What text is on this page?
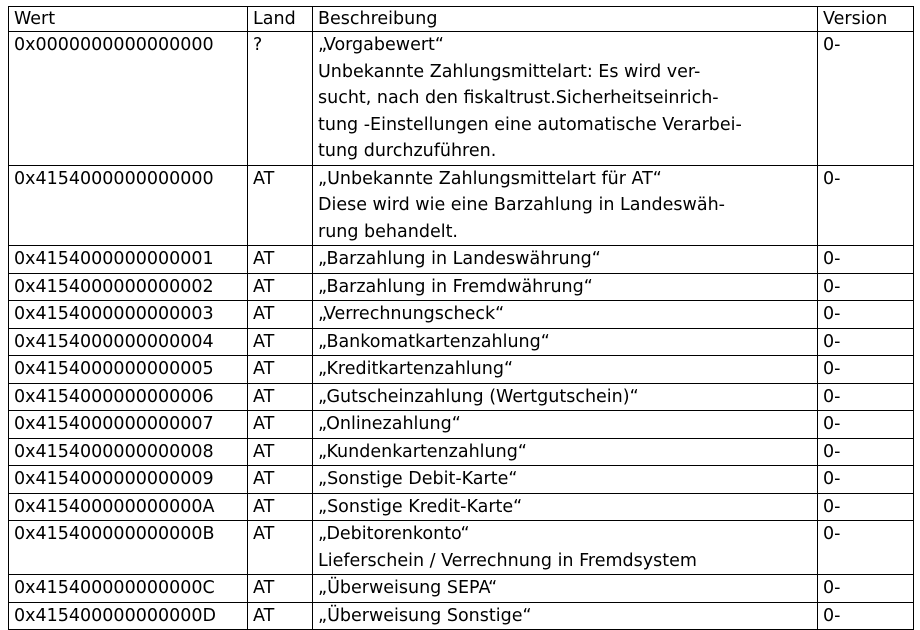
Wert	Land	Beschreibung	Version
0x0000000000000000	?	„Vorgabewert“
Unbekannte Zahlungsmittelart: Es wird ver-
sucht, nach den fiskaltrust.Sicherheitseinrich-
tung -Einstellungen eine automatische Verarbei-
tung durchzuführen.	0-
0x4154000000000000	AT	„Unbekannte Zahlungsmittelart für AT“
Diese wird wie eine Barzahlung in Landeswäh-
rung behandelt.	0-
0x4154000000000001	AT	„Barzahlung in Landeswährung“	0-
0x4154000000000002	AT	„Barzahlung in Fremdwährung“	0-
0x4154000000000003	AT	„Verrechnungscheck“	0-
0x4154000000000004	AT	„Bankomatkartenzahlung“	0-
0x4154000000000005	AT	„Kreditkartenzahlung“	0-
0x4154000000000006	AT	„Gutscheinzahlung (Wertgutschein)“	0-
0x4154000000000007	AT	„Onlinezahlung“	0-
0x4154000000000008	AT	„Kundenkartenzahlung“	0-
0x4154000000000009	AT	„Sonstige Debit-Karte“	0-
0x415400000000000A	AT	„Sonstige Kredit-Karte“	0-
0x415400000000000B	AT	„Debitorenkonto“
Lieferschein / Verrechnung in Fremdsystem	0-
0x415400000000000C	AT	„Überweisung SEPA“	0-
0x415400000000000D	AT	„Überweisung Sonstige“	0-
